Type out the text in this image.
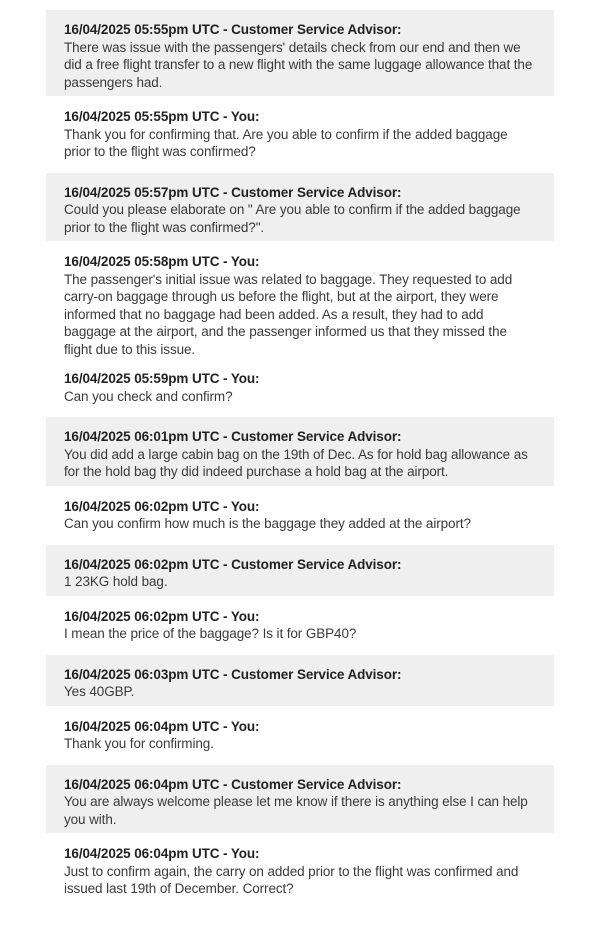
16/04/2025 05:55pm UTC - Customer Service Advisor:
There was issue with the passengers' details check from our end and then we did a free flight transfer to a new flight with the same luggage allowance that the passengers had.
16/04/2025 05:55pm UTC - You:
Thank you for confirming that. Are you able to confirm if the added baggage prior to the flight was confirmed?
16/04/2025 05:57pm UTC - Customer Service Advisor:
Could you please elaborate on " Are you able to confirm if the added baggage prior to the flight was confirmed?".
16/04/2025 05:58pm UTC - You:
The passenger's initial issue was related to baggage. They requested to add carry-on baggage through us before the flight, but at the airport, they were informed that no baggage had been added. As a result, they had to add baggage at the airport, and the passenger informed us that they missed the flight due to this issue.
16/04/2025 05:59pm UTC - You:
Can you check and confirm?
16/04/2025 06:01pm UTC - Customer Service Advisor:
You did add a large cabin bag on the 19th of Dec. As for hold bag allowance as for the hold bag thy did indeed purchase a hold bag at the airport.
16/04/2025 06:02pm UTC - You:
Can you confirm how much is the baggage they added at the airport?
16/04/2025 06:02pm UTC - Customer Service Advisor:
1 23KG hold bag.
16/04/2025 06:02pm UTC - You:
I mean the price of the baggage? Is it for GBP40?
16/04/2025 06:03pm UTC - Customer Service Advisor:
Yes 40GBP.
16/04/2025 06:04pm UTC - You:
Thank you for confirming.
16/04/2025 06:04pm UTC - Customer Service Advisor:
You are always welcome please let me know if there is anything else I can help you with.
16/04/2025 06:04pm UTC - You:
Just to confirm again, the carry on added prior to the flight was confirmed and issued last 19th of December. Correct?
